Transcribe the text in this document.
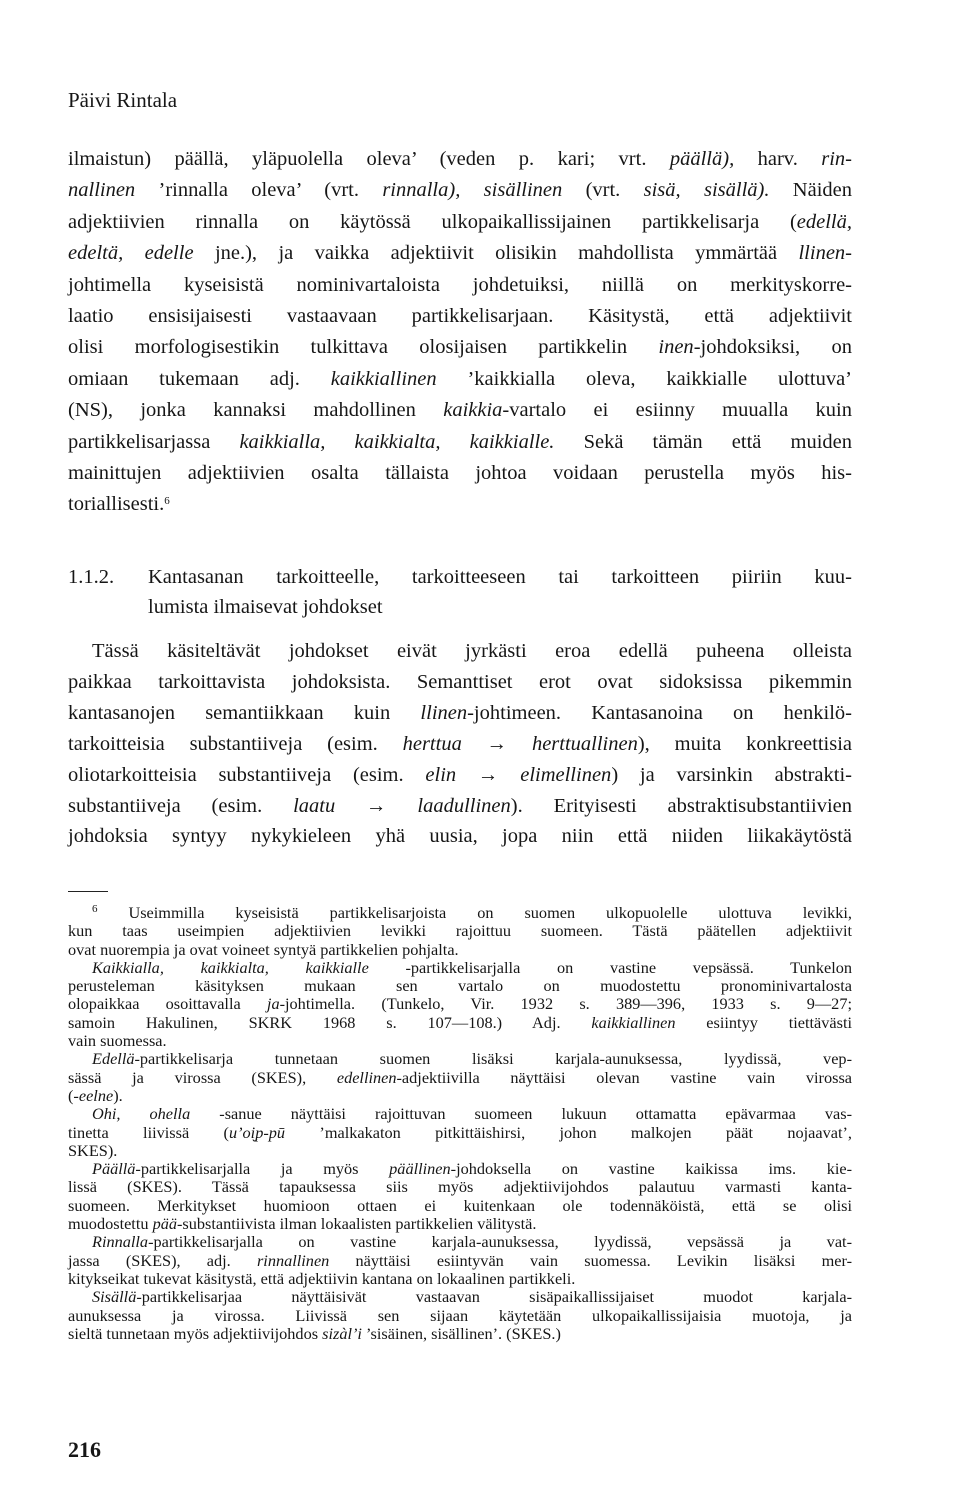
Päivi Rintala
ilmaistun) päällä, yläpuolella oleva’ (veden p. kari; vrt. päällä), harv. rin-
nallinen ’rinnalla oleva’ (vrt. rinnalla), sisällinen (vrt. sisä, sisällä). Näiden
adjektiivien rinnalla on käytössä ulkopaikallissijainen partikkelisarja (edellä,
edeltä, edelle jne.), ja vaikka adjektiivit olisikin mahdollista ymmärtää llinen-
johtimella kyseisistä nominivartaloista johdetuiksi, niillä on merkityskorre-
laatio ensisijaisesti vastaavaan partikkelisarjaan. Käsitystä, että adjektiivit
olisi morfologisestikin tulkittava olosijaisen partikkelin inen-johdoksiksi, on
omiaan tukemaan adj. kaikkiallinen ’kaikkialla oleva, kaikkialle ulottuva’
(NS), jonka kannaksi mahdollinen kaikkia-vartalo ei esiinny muualla kuin
partikkelisarjassa kaikkialla, kaikkialta, kaikkialle. Sekä tämän että muiden
mainittujen adjektiivien osalta tällaista johtoa voidaan perustella myös his-
toriallisesti.$^6$
1.1.2. Kantasanan tarkoitteelle, tarkoitteeseen tai tarkoitteen piiriin kuu-
lumista ilmaisevat johdokset
Tässä käsiteltävät johdokset eivät jyrkästi eroa edellä puheena olleista
paikkaa tarkoittavista johdoksista. Semanttiset erot ovat sidoksissa pikemmin
kantasanojen semantiikkaan kuin llinen-johtimeen. Kantasanoina on henkilö-
tarkoitteisia substantiiveja (esim. herttua → herttuallinen), muita konkreettisia
oliotarkoitteisia substantiiveja (esim. elin → elimellinen) ja varsinkin abstrakti-
substantiiveja (esim. laatu → laadullinen). Erityisesti abstraktisubstantiivien
johdoksia syntyy nykykieleen yhä uusia, jopa niin että niiden liikakäytöstä
$^6$ Useimmilla kyseisistä partikkelisarjoista on suomen ulkopuolelle ulottuva levikki,
kun taas useimpien adjektiivien levikki rajoittuu suomeen. Tästä päätellen adjektiivit
ovat nuorempia ja ovat voineet syntyä partikkelien pohjalta.
Kaikkialla, kaikkialta, kaikkialle -partikkelisarjalla on vastine vepsässä. Tunkelon
perusteleman käsityksen mukaan sen vartalo on muodostettu pronominivartalosta
olopaikkaa osoittavalla ja-johtimella. (Tunkelo, Vir. 1932 s. 389—396, 1933 s. 9—27;
samoin Hakulinen, SKRK 1968 s. 107—108.) Adj. kaikkiallinen esiintyy tiettävästi
vain suomessa.
Edellä-partikkelisarja tunnetaan suomen lisäksi karjala-aunuksessa, lyydissä, vep-
sässä ja virossa (SKES), edellinen-adjektiivilla näyttäisi olevan vastine vain virossa
(-eelne).
Ohi, ohella -sanue näyttäisi rajoittuvan suomeen lukuun ottamatta epävarmaa vas-
tinetta liivissä (u’oi̮p-pū ’malkakaton pitkittäishirsi, johon malkojen päät nojaavat’,
SKES).
Päällä-partikkelisarjalla ja myös päällinen-johdoksella on vastine kaikissa ims. kie-
lissä (SKES). Tässä tapauksessa siis myös adjektiivijohdos palautuu varmasti kanta-
suomeen. Merkitykset huomioon ottaen ei kuitenkaan ole todennäköistä, että se olisi
muodostettu pää-substantiivista ilman lokaalisten partikkelien välitystä.
Rinnalla-partikkelisarjalla on vastine karjala-aunuksessa, lyydissä, vepsässä ja vat-
jassa (SKES), adj. rinnallinen näyttäisi esiintyvän vain suomessa. Levikin lisäksi mer-
kitykseikat tukevat käsitystä, että adjektiivin kantana on lokaalinen partikkeli.
Sisällä-partikkelisarjaa näyttäisivät vastaavan sisäpaikallissijaiset muodot karjala-
aunuksessa ja virossa. Liivissä sen sijaan käytetään ulkopaikallissijaisia muotoja, ja
sieltä tunnetaan myös adjektiivijohdos sizàl’i ’sisäinen, sisällinen’. (SKES.)
216
